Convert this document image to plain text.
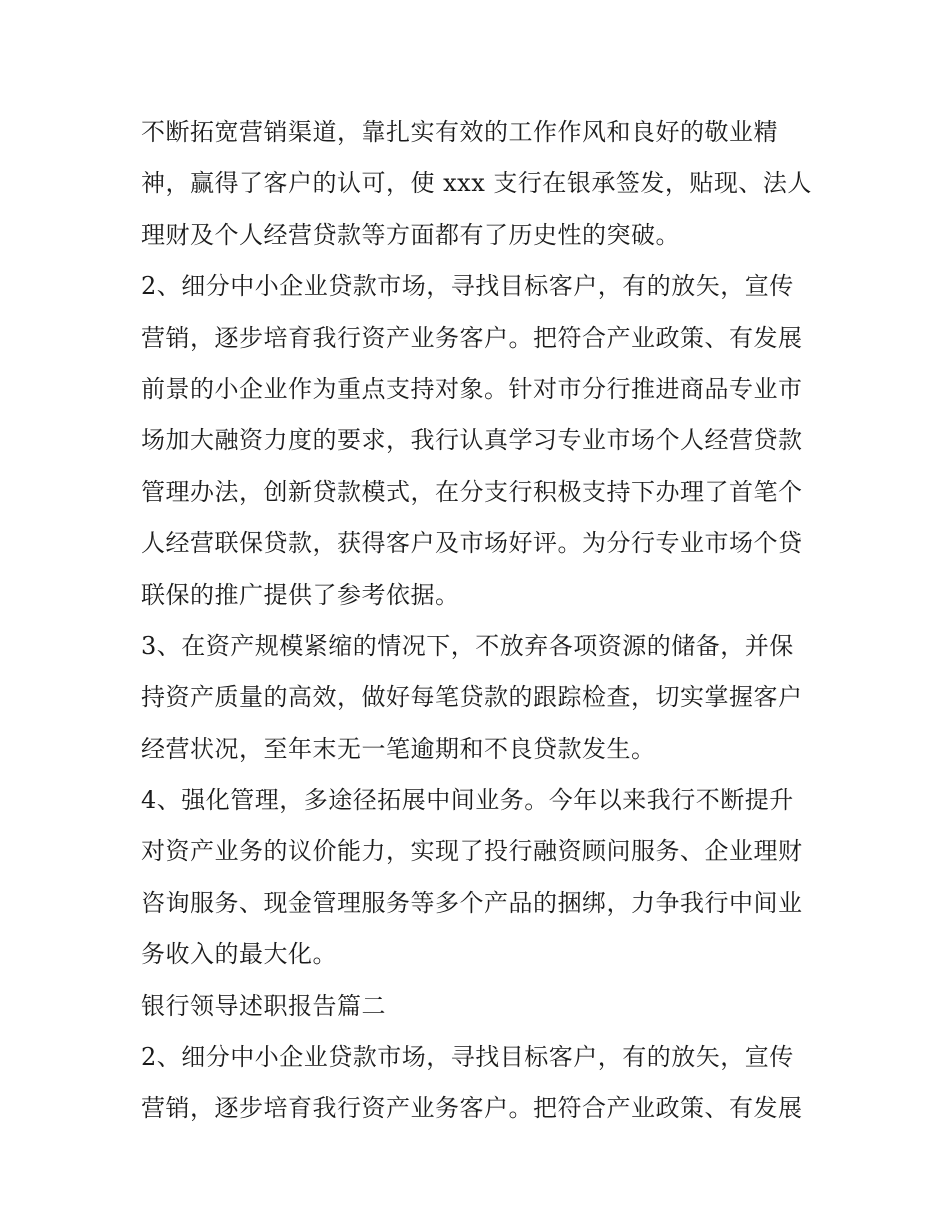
不断拓宽营销渠道，靠扎实有效的工作作风和良好的敬业精
神，赢得了客户的认可，使 xxx 支行在银承签发，贴现、法人
理财及个人经营贷款等方面都有了历史性的突破。
2、细分中小企业贷款市场，寻找目标客户，有的放矢，宣传
营销，逐步培育我行资产业务客户。把符合产业政策、有发展
前景的小企业作为重点支持对象。针对市分行推进商品专业市
场加大融资力度的要求，我行认真学习专业市场个人经营贷款
管理办法，创新贷款模式，在分支行积极支持下办理了首笔个
人经营联保贷款，获得客户及市场好评。为分行专业市场个贷
联保的推广提供了参考依据。
3、在资产规模紧缩的情况下，不放弃各项资源的储备，并保
持资产质量的高效，做好每笔贷款的跟踪检查，切实掌握客户
经营状况，至年末无一笔逾期和不良贷款发生。
4、强化管理，多途径拓展中间业务。今年以来我行不断提升
对资产业务的议价能力，实现了投行融资顾问服务、企业理财
咨询服务、现金管理服务等多个产品的捆绑，力争我行中间业
务收入的最大化。
银行领导述职报告篇二
2、细分中小企业贷款市场，寻找目标客户，有的放矢，宣传
营销，逐步培育我行资产业务客户。把符合产业政策、有发展
